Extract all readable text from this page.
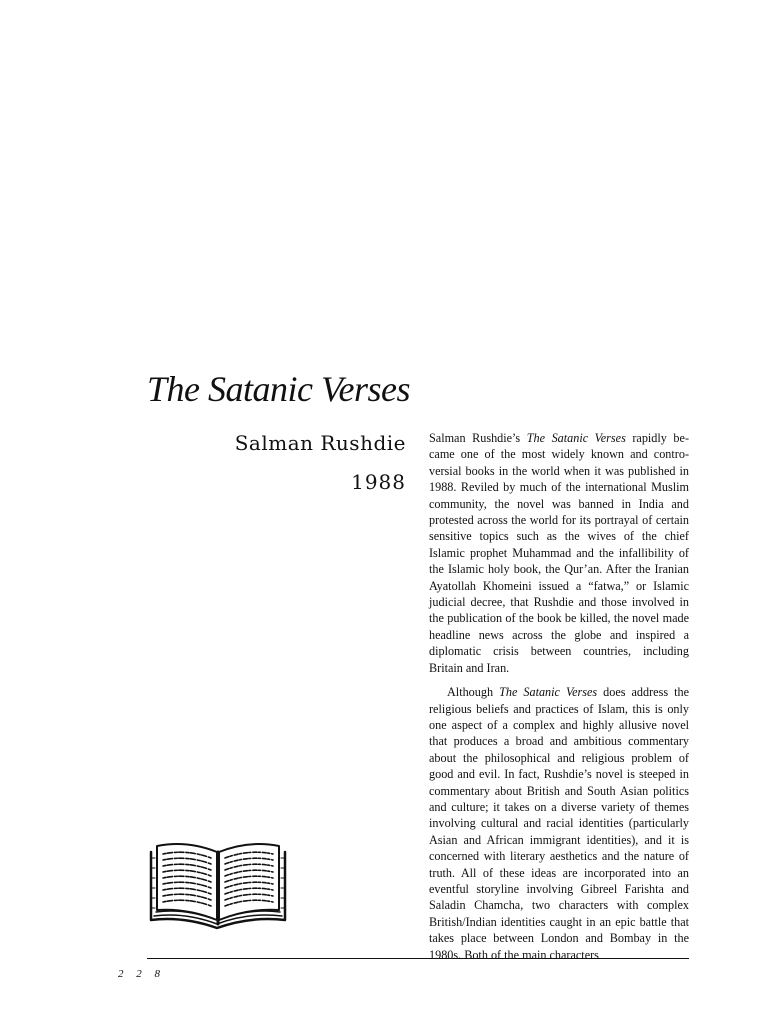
The Satanic Verses
Salman Rushdie
1988

Salman Rushdie’s The Satanic Verses rapidly became one of the most widely known and controversial books in the world when it was published in 1988. Reviled by much of the international Muslim community, the novel was banned in India and protested across the world for its portrayal of certain sensitive topics such as the wives of the chief Islamic prophet Muhammad and the infallibility of the Islamic holy book, the Qur’an. After the Iranian Ayatollah Khomeini issued a “fatwa,” or Islamic judicial decree, that Rushdie and those involved in the publication of the book be killed, the novel made headline news across the globe and inspired a diplomatic crisis between countries, including Britain and Iran.

Although The Satanic Verses does address the religious beliefs and practices of Islam, this is only one aspect of a complex and highly allusive novel that produces a broad and ambitious commentary about the philosophical and religious problem of good and evil. In fact, Rushdie’s novel is steeped in commentary about British and South Asian politics and culture; it takes on a diverse variety of themes involving cultural and racial identities (particularly Asian and African immigrant identities), and it is concerned with literary aesthetics and the nature of truth. All of these ideas are incorporated into an eventful storyline involving Gibreel Farishta and Saladin Chamcha, two characters with complex British/Indian identities caught in an epic battle that takes place between London and Bombay in the 1980s. Both of the main characters

2 2 8
